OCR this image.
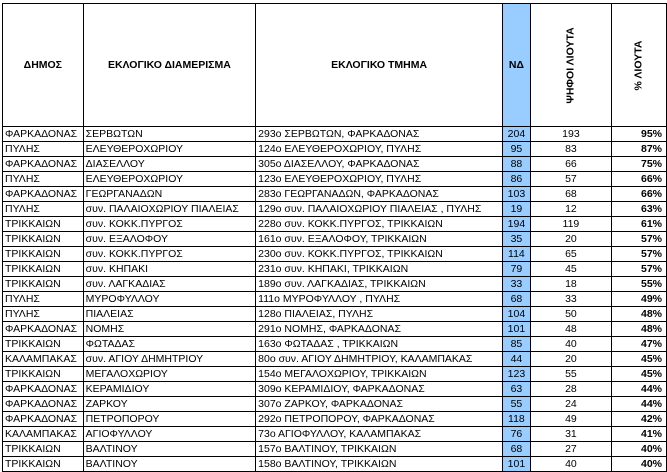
ΔΗΜΟΣ	ΕΚΛΟΓΙΚΟ ΔΙΑΜΕΡΙΣΜΑ	ΕΚΛΟΓΙΚΟ ΤΜΗΜΑ	ΝΔ	ΨΗΦΟΙ ΛΙΟΥΤΑ	% ΛΙΟΥΤΑ
ΦΑΡΚΑΔΟΝΑΣ	ΣΕΡΒΩΤΩΝ	293ο ΣΕΡΒΩΤΩΝ, ΦΑΡΚΑΔΟΝΑΣ	204	193	95%
ΠΥΛΗΣ	ΕΛΕΥΘΕΡΟΧΩΡΙΟΥ	124ο ΕΛΕΥΘΕΡΟΧΩΡΙΟΥ, ΠΥΛΗΣ	95	83	87%
ΦΑΡΚΑΔΟΝΑΣ	ΔΙΑΣΕΛΛΟΥ	305ο ΔΙΑΣΕΛΛΟΥ, ΦΑΡΚΑΔΟΝΑΣ	88	66	75%
ΠΥΛΗΣ	ΕΛΕΥΘΕΡΟΧΩΡΙΟΥ	123ο ΕΛΕΥΘΕΡΟΧΩΡΙΟΥ, ΠΥΛΗΣ	86	57	66%
ΦΑΡΚΑΔΟΝΑΣ	ΓΕΩΡΓΑΝΑΔΩΝ	283ο ΓΕΩΡΓΑΝΑΔΩΝ, ΦΑΡΚΑΔΟΝΑΣ	103	68	66%
ΠΥΛΗΣ	συν. ΠΑΛΑΙΟΧΩΡΙΟΥ ΠΙΑΛΕΙΑΣ	129ο συν. ΠΑΛΑΙΟΧΩΡΙΟΥ ΠΙΑΛΕΙΑΣ , ΠΥΛΗΣ	19	12	63%
ΤΡΙΚΚΑΙΩΝ	συν. ΚΟΚΚ.ΠΥΡΓΟΣ	228ο συν. ΚΟΚΚ.ΠΥΡΓΟΣ, ΤΡΙΚΚΑΙΩΝ	194	119	61%
ΤΡΙΚΚΑΙΩΝ	συν. ΕΞΑΛΟΦΟΥ	161ο συν. ΕΞΑΛΟΦΟΥ, ΤΡΙΚΚΑΙΩΝ	35	20	57%
ΤΡΙΚΚΑΙΩΝ	συν. ΚΟΚΚ.ΠΥΡΓΟΣ	230ο συν. ΚΟΚΚ.ΠΥΡΓΟΣ, ΤΡΙΚΚΑΙΩΝ	114	65	57%
ΤΡΙΚΚΑΙΩΝ	συν. ΚΗΠΑΚΙ	231ο συν. ΚΗΠΑΚΙ, ΤΡΙΚΚΑΙΩΝ	79	45	57%
ΤΡΙΚΚΑΙΩΝ	συν. ΛΑΓΚΑΔΙΑΣ	189ο συν. ΛΑΓΚΑΔΙΑΣ, ΤΡΙΚΚΑΙΩΝ	33	18	55%
ΠΥΛΗΣ	ΜΥΡΟΦΥΛΛΟΥ	111ο ΜΥΡΟΦΥΛΛΟΥ , ΠΥΛΗΣ	68	33	49%
ΠΥΛΗΣ	ΠΙΑΛΕΙΑΣ	128ο ΠΙΑΛΕΙΑΣ, ΠΥΛΗΣ	104	50	48%
ΦΑΡΚΑΔΟΝΑΣ	ΝΟΜΗΣ	291ο ΝΟΜΗΣ, ΦΑΡΚΑΔΟΝΑΣ	101	48	48%
ΤΡΙΚΚΑΙΩΝ	ΦΩΤΑΔΑΣ	163ο ΦΩΤΑΔΑΣ , ΤΡΙΚΚΑΙΩΝ	85	40	47%
ΚΑΛΑΜΠΑΚΑΣ	συν. ΑΓΙΟΥ ΔΗΜΗΤΡΙΟΥ	80ο συν. ΑΓΙΟΥ ΔΗΜΗΤΡΙΟΥ, ΚΑΛΑΜΠΑΚΑΣ	44	20	45%
ΤΡΙΚΚΑΙΩΝ	ΜΕΓΑΛΟΧΩΡΙΟΥ	154ο ΜΕΓΑΛΟΧΩΡΙΟΥ, ΤΡΙΚΚΑΙΩΝ	123	55	45%
ΦΑΡΚΑΔΟΝΑΣ	ΚΕΡΑΜΙΔΙΟΥ	309ο ΚΕΡΑΜΙΔΙΟΥ, ΦΑΡΚΑΔΟΝΑΣ	63	28	44%
ΦΑΡΚΑΔΟΝΑΣ	ΖΑΡΚΟΥ	307ο ΖΑΡΚΟΥ, ΦΑΡΚΑΔΟΝΑΣ	55	24	44%
ΦΑΡΚΑΔΟΝΑΣ	ΠΕΤΡΟΠΟΡΟΥ	292ο ΠΕΤΡΟΠΟΡΟΥ, ΦΑΡΚΑΔΟΝΑΣ	118	49	42%
ΚΑΛΑΜΠΑΚΑΣ	ΑΓΙΟΦΥΛΛΟΥ	73ο ΑΓΙΟΦΥΛΛΟΥ, ΚΑΛΑΜΠΑΚΑΣ	76	31	41%
ΤΡΙΚΚΑΙΩΝ	ΒΑΛΤΙΝΟΥ	157ο ΒΑΛΤΙΝΟΥ, ΤΡΙΚΚΑΙΩΝ	68	27	40%
ΤΡΙΚΚΑΙΩΝ	ΒΑΛΤΙΝΟΥ	158ο ΒΑΛΤΙΝΟΥ, ΤΡΙΚΚΑΙΩΝ	101	40	40%
